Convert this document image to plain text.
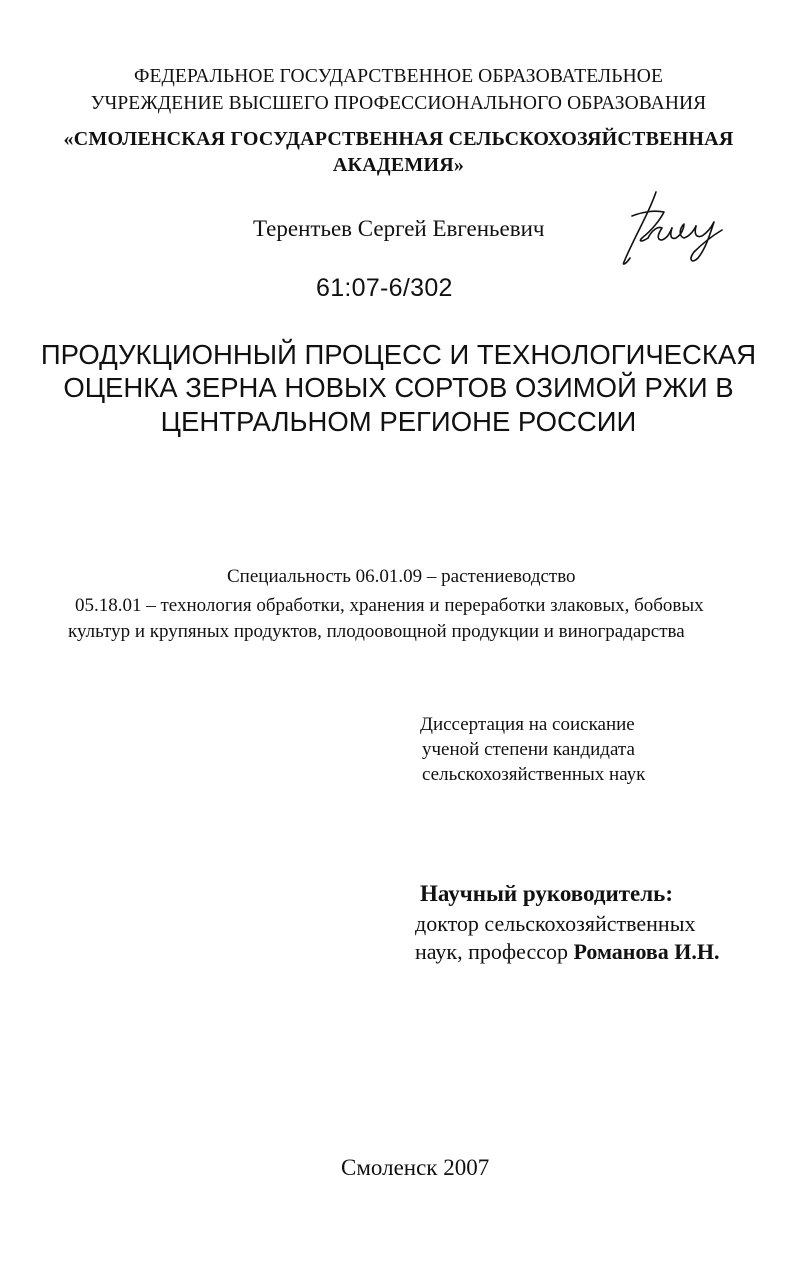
ФЕДЕРАЛЬНОЕ ГОСУДАРСТВЕННОЕ ОБРАЗОВАТЕЛЬНОЕ
УЧРЕЖДЕНИЕ ВЫСШЕГО ПРОФЕССИОНАЛЬНОГО ОБРАЗОВАНИЯ
«СМОЛЕНСКАЯ ГОСУДАРСТВЕННАЯ СЕЛЬСКОХОЗЯЙСТВЕННАЯ
АКАДЕМИЯ»
Терентьев Сергей Евгеньевич
61:07-6/302
ПРОДУКЦИОННЫЙ ПРОЦЕСС И ТЕХНОЛОГИЧЕСКАЯ
ОЦЕНКА ЗЕРНА НОВЫХ СОРТОВ ОЗИМОЙ РЖИ В
ЦЕНТРАЛЬНОМ РЕГИОНЕ РОССИИ
Специальность 06.01.09 – растениеводство
05.18.01 – технология обработки, хранения и переработки злаковых, бобовых
культур и крупяных продуктов, плодоовощной продукции и виноградарства
Диссертация на соискание
ученой степени кандидата
сельскохозяйственных наук
Научный руководитель:
доктор сельскохозяйственных
наук, профессор Романова И.Н.
Смоленск 2007
